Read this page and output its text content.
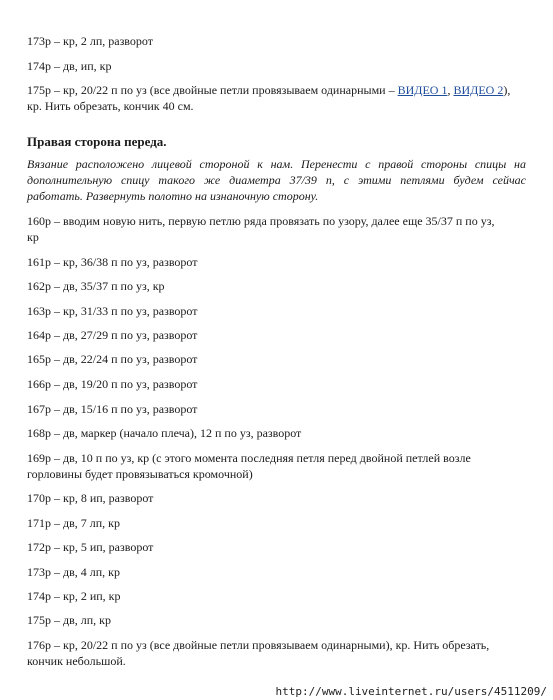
173р – кр, 2 лп, разворот
174р – дв, ип, кр
175р – кр, 20/22 п по уз (все двойные петли провязываем одинарными – ВИДЕО 1, ВИДЕО 2),
кр. Нить обрезать, кончик 40 см.
Правая сторона переда.
Вязание расположено лицевой стороной к нам. Перенести с правой стороны спицы на
дополнительную спицу такого же диаметра 37/39 п, с этими петлями будем сейчас
работать. Развернуть полотно на изнаночную сторону.
160р – вводим новую нить, первую петлю ряда провязать по узору, далее еще 35/37 п по уз,
кр
161р – кр, 36/38 п по уз, разворот
162р – дв, 35/37 п по уз, кр
163р – кр, 31/33 п по уз, разворот
164р – дв, 27/29 п по уз, разворот
165р – дв, 22/24 п по уз, разворот
166р – дв, 19/20 п по уз, разворот
167р – дв, 15/16 п по уз, разворот
168р – дв, маркер (начало плеча), 12 п по уз, разворот
169р – дв, 10 п по уз, кр (с этого момента последняя петля перед двойной петлей возле
горловины будет провязываться кромочной)
170р – кр, 8 ип, разворот
171р – дв, 7 лп, кр
172р – кр, 5 ип, разворот
173р – дв, 4 лп, кр
174р – кр, 2 ип, кр
175р – дв, лп, кр
176р – кр, 20/22 п по уз (все двойные петли провязываем одинарными), кр. Нить обрезать,
кончик небольшой.
http://www.liveinternet.ru/users/4511209/
